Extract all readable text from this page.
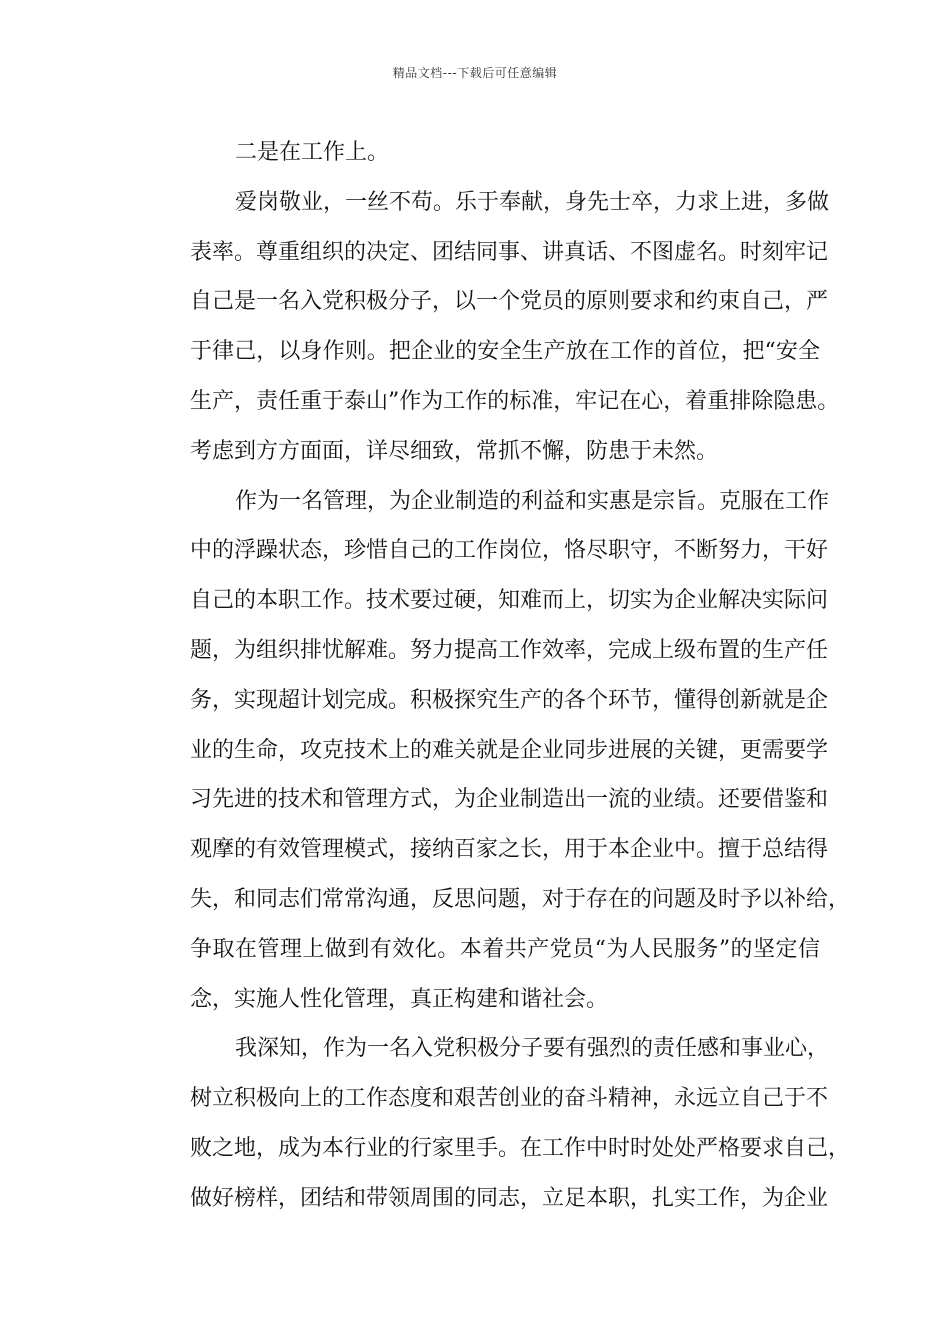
精品文档---下载后可任意编辑
二是在工作上。
爱岗敬业，一丝不苟。乐于奉献，身先士卒，力求上进，多做
表率。尊重组织的决定、团结同事、讲真话、不图虚名。时刻牢记
自己是一名入党积极分子，以一个党员的原则要求和约束自己，严
于律己，以身作则。把企业的安全生产放在工作的首位，把“安全
生产，责任重于泰山”作为工作的标准，牢记在心，着重排除隐患。
考虑到方方面面，详尽细致，常抓不懈，防患于未然。
作为一名管理，为企业制造的利益和实惠是宗旨。克服在工作
中的浮躁状态，珍惜自己的工作岗位，恪尽职守，不断努力，干好
自己的本职工作。技术要过硬，知难而上，切实为企业解决实际问
题，为组织排忧解难。努力提高工作效率，完成上级布置的生产任
务，实现超计划完成。积极探究生产的各个环节，懂得创新就是企
业的生命，攻克技术上的难关就是企业同步进展的关键，更需要学
习先进的技术和管理方式，为企业制造出一流的业绩。还要借鉴和
观摩的有效管理模式，接纳百家之长，用于本企业中。擅于总结得
失，和同志们常常沟通，反思问题，对于存在的问题及时予以补给，
争取在管理上做到有效化。本着共产党员“为人民服务”的坚定信
念，实施人性化管理，真正构建和谐社会。
我深知，作为一名入党积极分子要有强烈的责任感和事业心，
树立积极向上的工作态度和艰苦创业的奋斗精神，永远立自己于不
败之地，成为本行业的行家里手。在工作中时时处处严格要求自己，
做好榜样，团结和带领周围的同志，立足本职，扎实工作，为企业
